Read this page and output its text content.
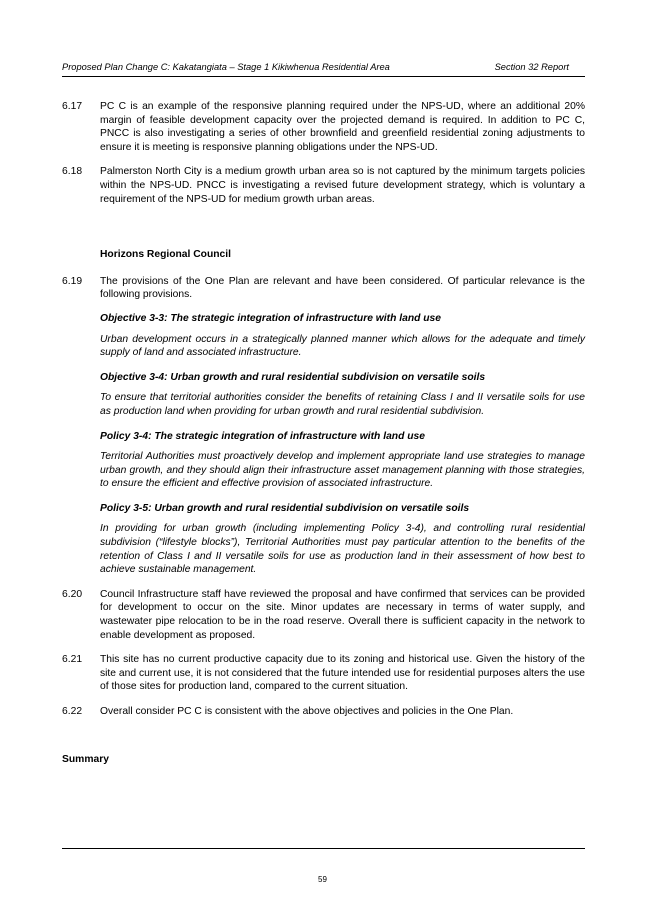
Proposed Plan Change C: Kakatangiata – Stage 1 Kikiwhenua Residential Area	Section 32 Report
6.17 PC C is an example of the responsive planning required under the NPS-UD, where an additional 20% margin of feasible development capacity over the projected demand is required. In addition to PC C, PNCC is also investigating a series of other brownfield and greenfield residential zoning adjustments to ensure it is meeting is responsive planning obligations under the NPS-UD.
6.18 Palmerston North City is a medium growth urban area so is not captured by the minimum targets policies within the NPS-UD. PNCC is investigating a revised future development strategy, which is voluntary a requirement of the NPS-UD for medium growth urban areas.

Horizons Regional Council

6.19 The provisions of the One Plan are relevant and have been considered. Of particular relevance is the following provisions.

Objective 3-3: The strategic integration of infrastructure with land use

Urban development occurs in a strategically planned manner which allows for the adequate and timely supply of land and associated infrastructure.

Objective 3-4: Urban growth and rural residential subdivision on versatile soils

To ensure that territorial authorities consider the benefits of retaining Class I and II versatile soils for use as production land when providing for urban growth and rural residential subdivision.

Policy 3-4: The strategic integration of infrastructure with land use

Territorial Authorities must proactively develop and implement appropriate land use strategies to manage urban growth, and they should align their infrastructure asset management planning with those strategies, to ensure the efficient and effective provision of associated infrastructure.

Policy 3-5: Urban growth and rural residential subdivision on versatile soils

In providing for urban growth (including implementing Policy 3-4), and controlling rural residential subdivision (“lifestyle blocks”), Territorial Authorities must pay particular attention to the benefits of the retention of Class I and II versatile soils for use as production land in their assessment of how best to achieve sustainable management.

6.20 Council Infrastructure staff have reviewed the proposal and have confirmed that services can be provided for development to occur on the site. Minor updates are necessary in terms of water supply, and wastewater pipe relocation to be in the road reserve. Overall there is sufficient capacity in the network to enable development as proposed.
6.21 This site has no current productive capacity due to its zoning and historical use. Given the history of the site and current use, it is not considered that the future intended use for residential purposes alters the use of those sites for production land, compared to the current situation.
6.22 Overall consider PC C is consistent with the above objectives and policies in the One Plan.

Summary

59
